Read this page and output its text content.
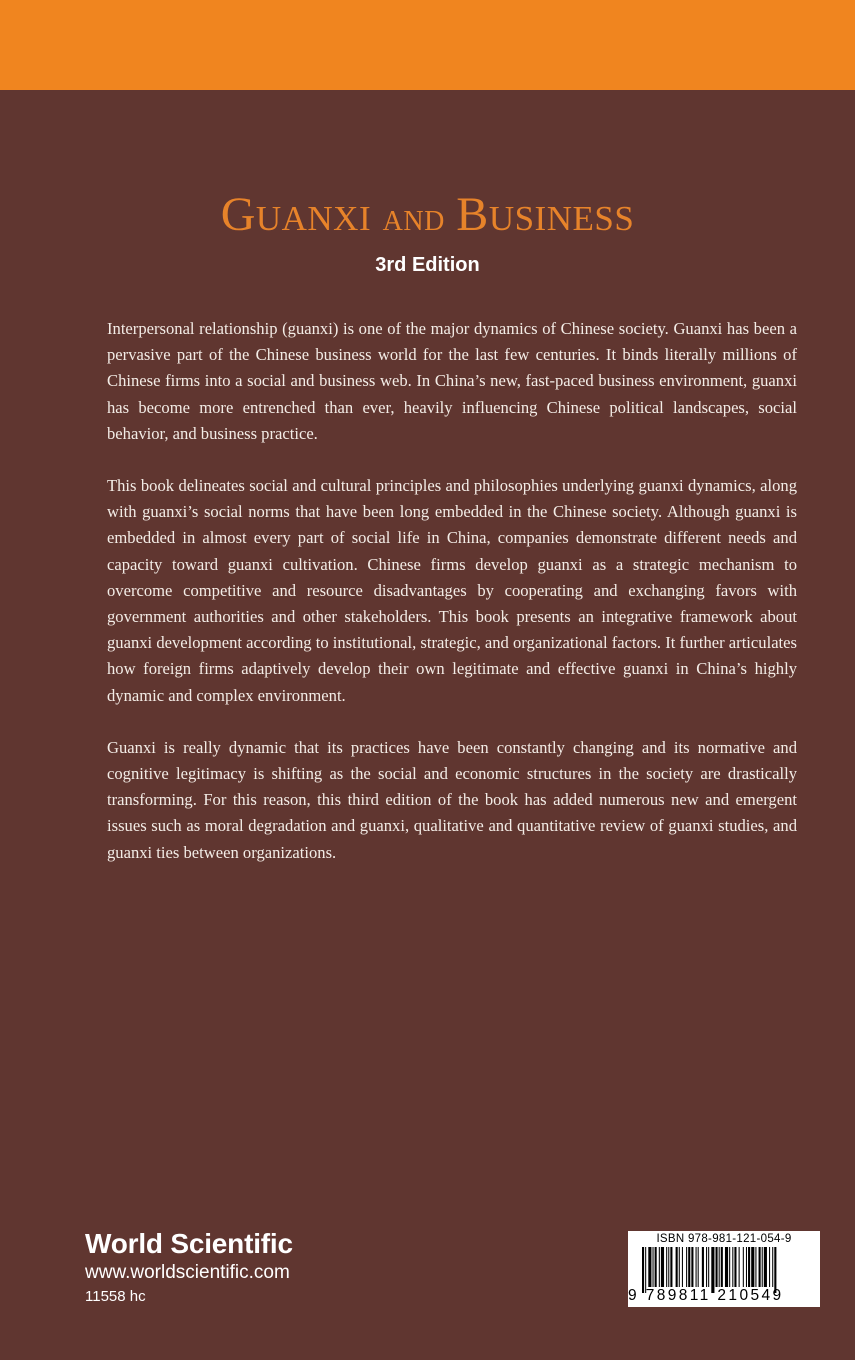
GUANXI AND BUSINESS
3rd Edition

Interpersonal relationship (guanxi) is one of the major dynamics of Chinese society. Guanxi has been a pervasive part of the Chinese business world for the last few centuries. It binds literally millions of Chinese firms into a social and business web. In China’s new, fast-paced business environment, guanxi has become more entrenched than ever, heavily influencing Chinese political landscapes, social behavior, and business practice.

This book delineates social and cultural principles and philosophies underlying guanxi dynamics, along with guanxi’s social norms that have been long embedded in the Chinese society. Although guanxi is embedded in almost every part of social life in China, companies demonstrate different needs and capacity toward guanxi cultivation. Chinese firms develop guanxi as a strategic mechanism to overcome competitive and resource disadvantages by cooperating and exchanging favors with government authorities and other stakeholders. This book presents an integrative framework about guanxi development according to institutional, strategic, and organizational factors. It further articulates how foreign firms adaptively develop their own legitimate and effective guanxi in China’s highly dynamic and complex environment.

Guanxi is really dynamic that its practices have been constantly changing and its normative and cognitive legitimacy is shifting as the social and economic structures in the society are drastically transforming. For this reason, this third edition of the book has added numerous new and emergent issues such as moral degradation and guanxi, qualitative and quantitative review of guanxi studies, and guanxi ties between organizations.

World Scientific

www.worldscientific.com

11558 hc

ISBN 978-981-121-054-9
9 789811 210549
